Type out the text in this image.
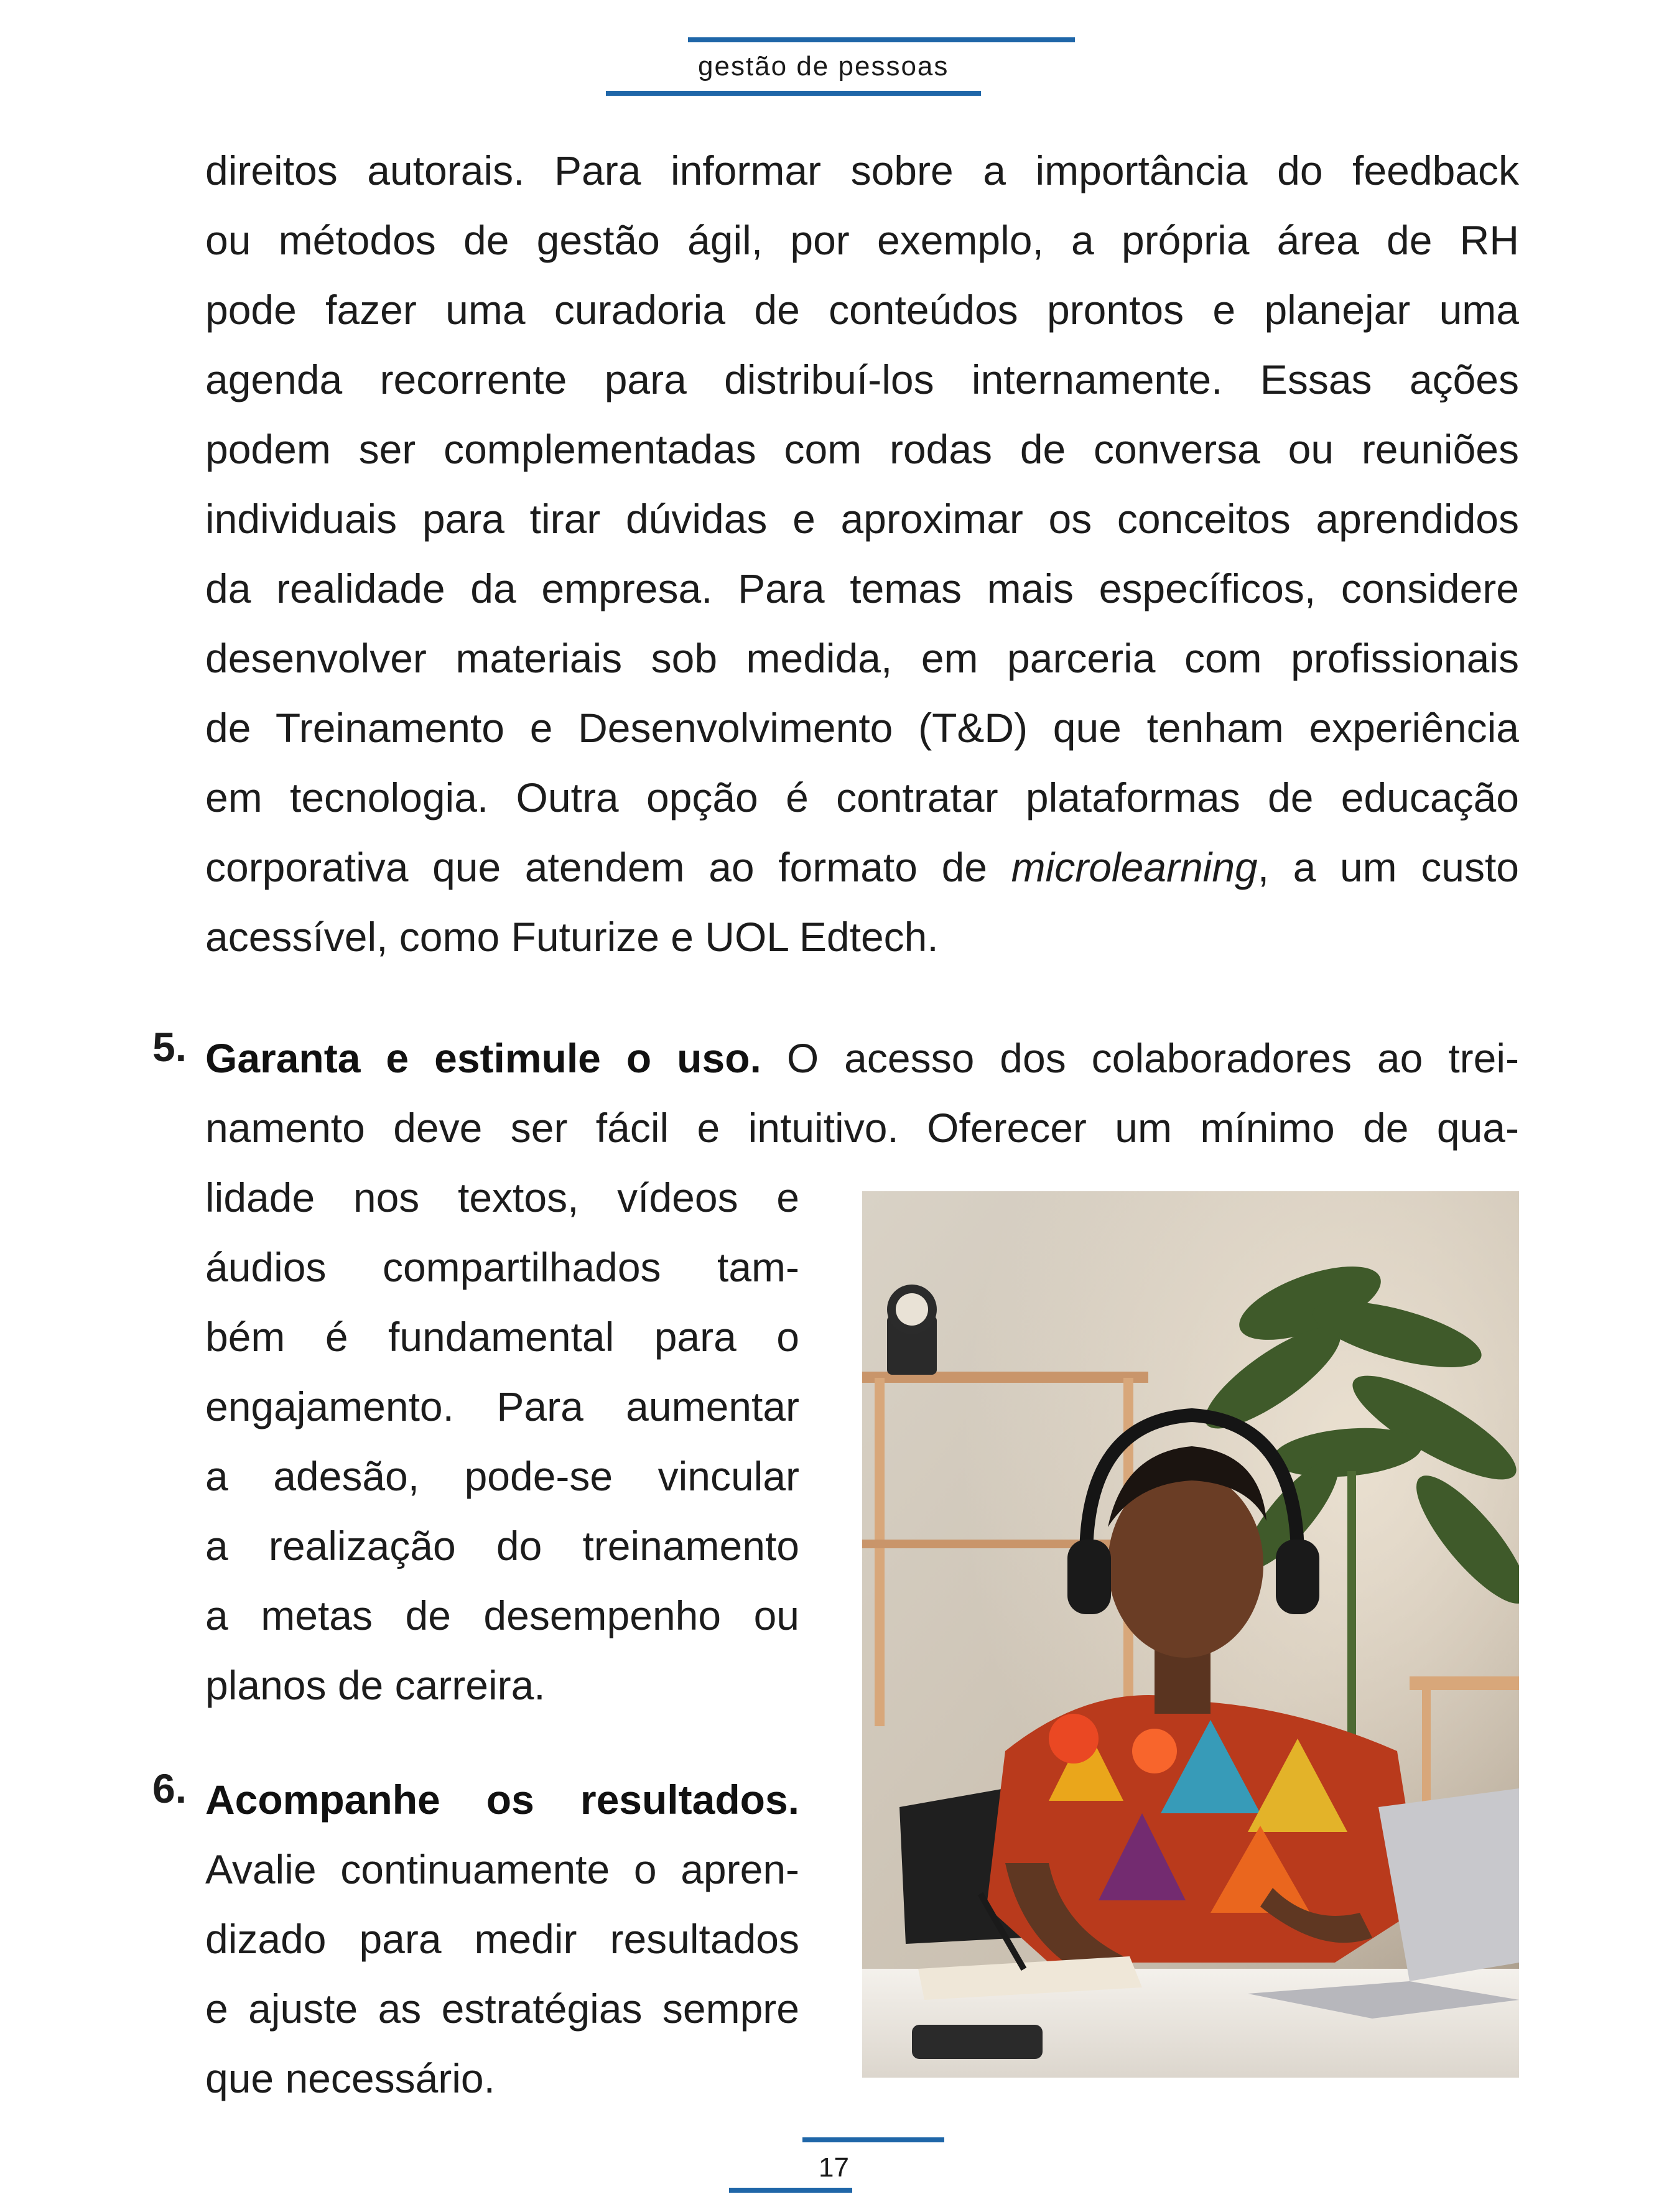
gestão de pessoas
direitos autorais. Para informar sobre a importância do feedback
ou métodos de gestão ágil, por exemplo, a própria área de RH
pode fazer uma curadoria de conteúdos prontos e planejar uma
agenda recorrente para distribuí-los internamente. Essas ações
podem ser complementadas com rodas de conversa ou reuniões
individuais para tirar dúvidas e aproximar os conceitos aprendidos
da realidade da empresa. Para temas mais específicos, considere
desenvolver materiais sob medida, em parceria com profissionais
de Treinamento e Desenvolvimento (T&D) que tenham experiência
em tecnologia. Outra opção é contratar plataformas de educação
corporativa que atendem ao formato de microlearning, a um custo
acessível, como Futurize e UOL Edtech.
5. Garanta e estimule o uso. O acesso dos colaboradores ao trei-
namento deve ser fácil e intuitivo. Oferecer um mínimo de qua-
lidade nos textos, vídeos e
áudios compartilhados tam-
bém é fundamental para o
engajamento. Para aumentar
a adesão, pode-se vincular
a realização do treinamento
a metas de desempenho ou
planos de carreira.
6. Acompanhe os resultados.
Avalie continuamente o apren-
dizado para medir resultados
e ajuste as estratégias sempre
que necessário.
17
